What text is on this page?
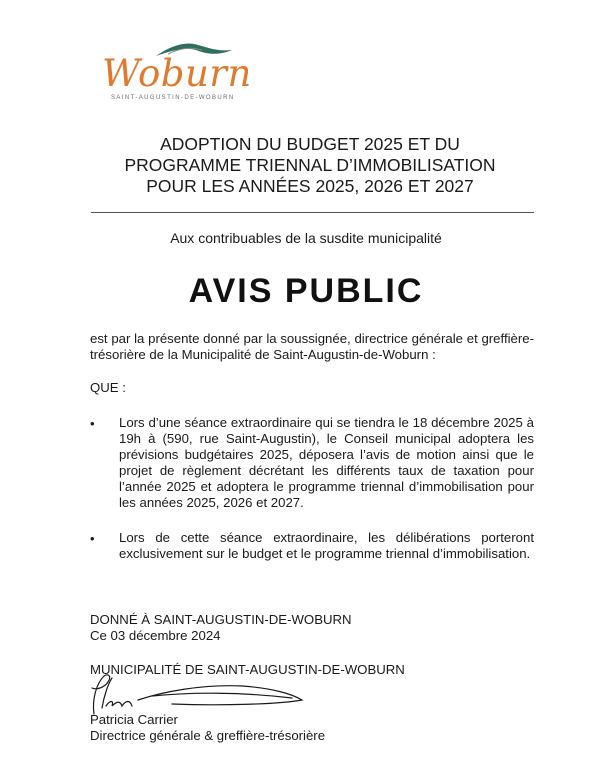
Woburn
SAINT-AUGUSTIN-DE-WOBURN
ADOPTION DU BUDGET 2025 ET DU
PROGRAMME TRIENNAL D’IMMOBILISATION
POUR LES ANNÉES 2025, 2026 ET 2027
Aux contribuables de la susdite municipalité
AVIS PUBLIC

est par la présente donné par la soussignée, directrice générale et greffière-trésorière de la Municipalité de Saint-Augustin-de-Woburn :

QUE :
• Lors d’une séance extraordinaire qui se tiendra le 18 décembre 2025 à 19h à (590, rue Saint-Augustin), le Conseil municipal adoptera les prévisions budgétaires 2025, déposera l’avis de motion ainsi que le projet de règlement décrétant les différents taux de taxation pour l’année 2025 et adoptera le programme triennal d’immobilisation pour les années 2025, 2026 et 2027.

• Lors de cette séance extraordinaire, les délibérations porteront exclusivement sur le budget et le programme triennal d’immobilisation.

DONNÉ À SAINT-AUGUSTIN-DE-WOBURN
Ce 03 décembre 2024
MUNICIPALITÉ DE SAINT-AUGUSTIN-DE-WOBURN
Patricia Carrier
Directrice générale & greffière-trésorière
